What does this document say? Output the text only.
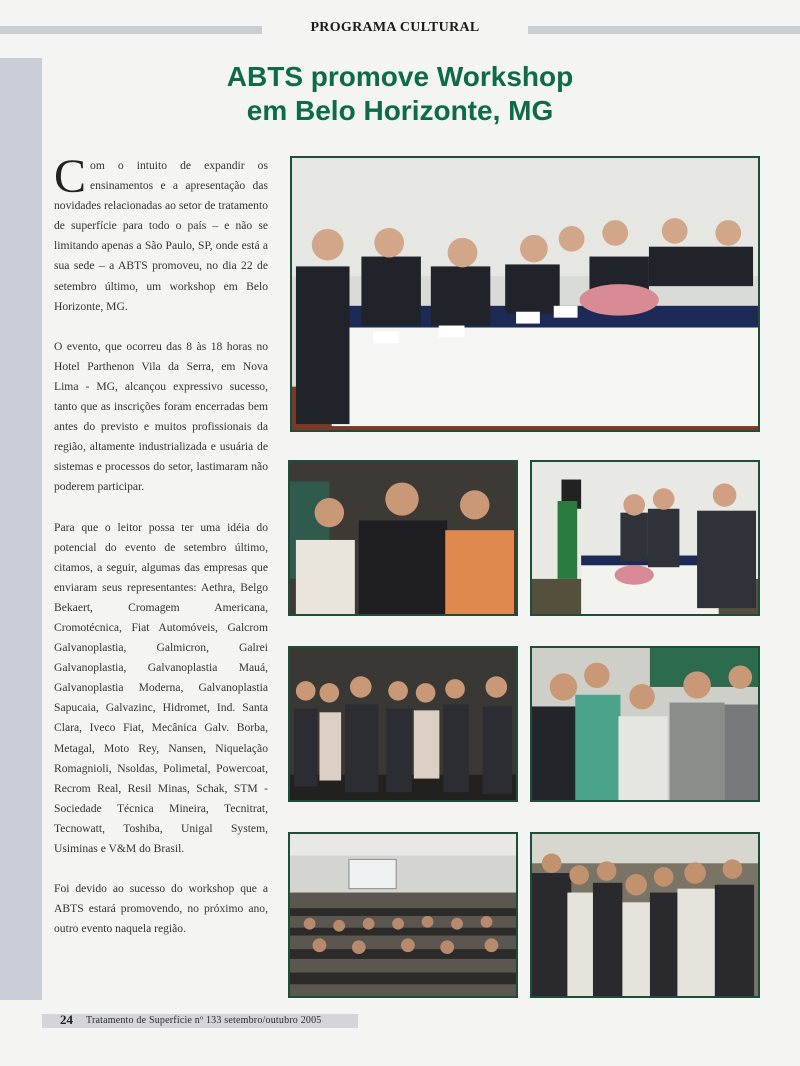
PROGRAMA CULTURAL
ABTS promove Workshop
em Belo Horizonte, MG

Com o intuito de expandir os ensinamentos e a apresentação das novidades relacionadas ao setor de tratamento de superfície para todo o país – e não se limitando apenas a São Paulo, SP, onde está a sua sede – a ABTS promoveu, no dia 22 de setembro último, um workshop em Belo Horizonte, MG.

O evento, que ocorreu das 8 às 18 horas no Hotel Parthenon Vila da Serra, em Nova Lima - MG, alcançou expressivo sucesso, tanto que as inscrições foram encerradas bem antes do previsto e muitos profissionais da região, altamente industrializada e usuária de sistemas e processos do setor, lastimaram não poderem participar.

Para que o leitor possa ter uma idéia do potencial do evento de setembro último, citamos, a seguir, algumas das empresas que enviaram seus representantes: Aethra, Belgo Bekaert, Cromagem Americana, Cromotécnica, Fiat Automóveis, Galcrom Galvanoplastia, Galmicron, Galrei Galvanoplastia, Galvanoplastia Mauá, Galvanoplastia Moderna, Galvanoplastia Sapucaia, Galvazinc, Hidromet, Ind. Santa Clara, Iveco Fiat, Mecânica Galv. Borba, Metagal, Moto Rey, Nansen, Niquelação Romagnioli, Nsoldas, Polimetal, Powercoat, Recrom Real, Resil Minas, Schak, STM - Sociedade Técnica Mineira, Tecnitrat, Tecnowatt, Toshiba, Unigal System, Usiminas e V&M do Brasil.

Foi devido ao sucesso do workshop que a ABTS estará promovendo, no próximo ano, outro evento naquela região.

24 Tratamento de Superfície nº 133 setembro/outubro 2005
